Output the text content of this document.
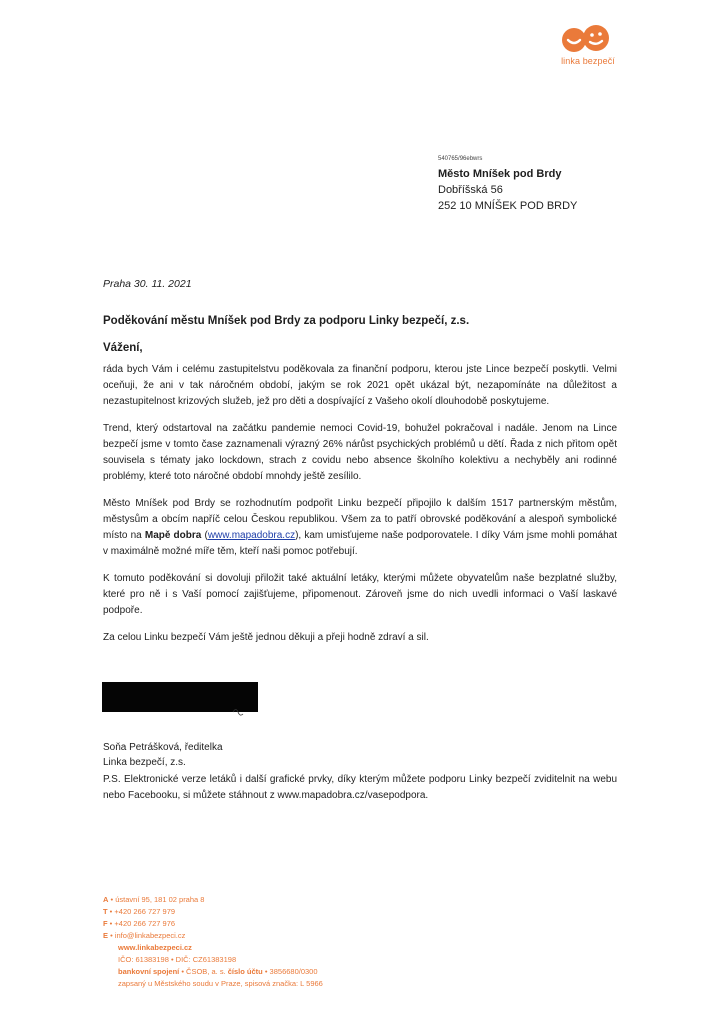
linka bezpečí
540765/96ebwrs
Město Mníšek pod Brdy
Dobříšská 56
252 10 MNÍŠEK POD BRDY
Praha 30. 11. 2021
Poděkování městu Mníšek pod Brdy za podporu Linky bezpečí, z.s.
Vážení,

ráda bych Vám i celému zastupitelstvu poděkovala za finanční podporu, kterou jste Lince bezpečí poskytli. Velmi oceňuji, že ani v tak náročném období, jakým se rok 2021 opět ukázal být, nezapomínáte na důležitost a nezastupitelnost krizových služeb, jež pro děti a dospívající z Vašeho okolí dlouhodobě poskytujeme.

Trend, který odstartoval na začátku pandemie nemoci Covid-19, bohužel pokračoval i nadále. Jenom na Lince bezpečí jsme v tomto čase zaznamenali výrazný 26% nárůst psychických problémů u dětí. Řada z nich přitom opět souvisela s tématy jako lockdown, strach z covidu nebo absence školního kolektivu a nechyběly ani rodinné problémy, které toto náročné období mnohdy ještě zesílilo.

Město Mníšek pod Brdy se rozhodnutím podpořit Linku bezpečí připojilo k dalším 1517 partnerským městům, městysům a obcím napříč celou Českou republikou. Všem za to patří obrovské poděkování a alespoň symbolické místo na Mapě dobra (www.mapadobra.cz), kam umisťujeme naše podporovatele. I díky Vám jsme mohli pomáhat v maximálně možné míře těm, kteří naši pomoc potřebují.

K tomuto poděkování si dovoluji přiložit také aktuální letáky, kterými můžete obyvatelům naše bezplatné služby, které pro ně i s Vaší pomocí zajišťujeme, připomenout. Zároveň jsme do nich uvedli informaci o Vaší laskavé podpoře.

Za celou Linku bezpečí Vám ještě jednou děkuji a přeji hodně zdraví a sil.

Soňa Petrášková, ředitelka
Linka bezpečí, z.s.
P.S. Elektronické verze letáků i další grafické prvky, díky kterým můžete podporu Linky bezpečí zviditelnit na webu nebo Facebooku, si můžete stáhnout z www.mapadobra.cz/vasepodpora.
A • ústavní 95, 181 02 praha 8
T • +420 266 727 979
F • +420 266 727 976
E • info@linkabezpeci.cz
www.linkabezpeci.cz
IČO: 61383198 • DIČ: CZ61383198
bankovní spojení • ČSOB, a. s. číslo účtu • 3856680/0300
zapsaný u Městského soudu v Praze, spisová značka: L 5966
